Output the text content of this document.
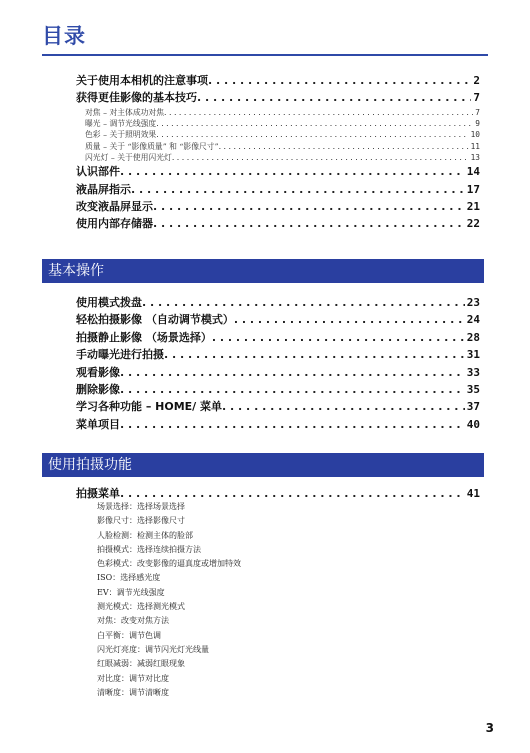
目录
关于使用本相机的注意事项 . . .	2
获得更佳影像的基本技巧 . . .	7
对焦 – 对主体成功对焦 . . .	7
曝光 – 调节光线强度 . . .	9
色彩 – 关于照明效果 . . .	10
质量 – 关于 “影像质量” 和 “影像尺寸” . . .	11
闪光灯 – 关于使用闪光灯 . . .	13
认识部件 . . .	14
液晶屏指示 . . .	17
改变液晶屏显示 . . .	21
使用内部存储器 . . .	22
基本操作
使用模式拨盘 . . .	23
轻松拍摄影像 （自动调节模式） . . .	24
拍摄静止影像 （场景选择） . . .	28
手动曝光进行拍摄 . . .	31
观看影像 . . .	33
删除影像 . . .	35
学习各种功能 – HOME/ 菜单 . . .	37
菜单项目 . . .	40
使用拍摄功能
拍摄菜单 . . .	41
场景选择：选择场景选择
影像尺寸：选择影像尺寸
人脸检测：检测主体的脸部
拍摄模式：选择连续拍摄方法
色彩模式：改变影像的逼真度或增加特效
ISO：选择感光度
EV：调节光线强度
测光模式：选择测光模式
对焦：改变对焦方法
白平衡：调节色调
闪光灯亮度：调节闪光灯光线量
红眼减弱：减弱红眼现象
对比度：调节对比度
清晰度：调节清晰度
3
